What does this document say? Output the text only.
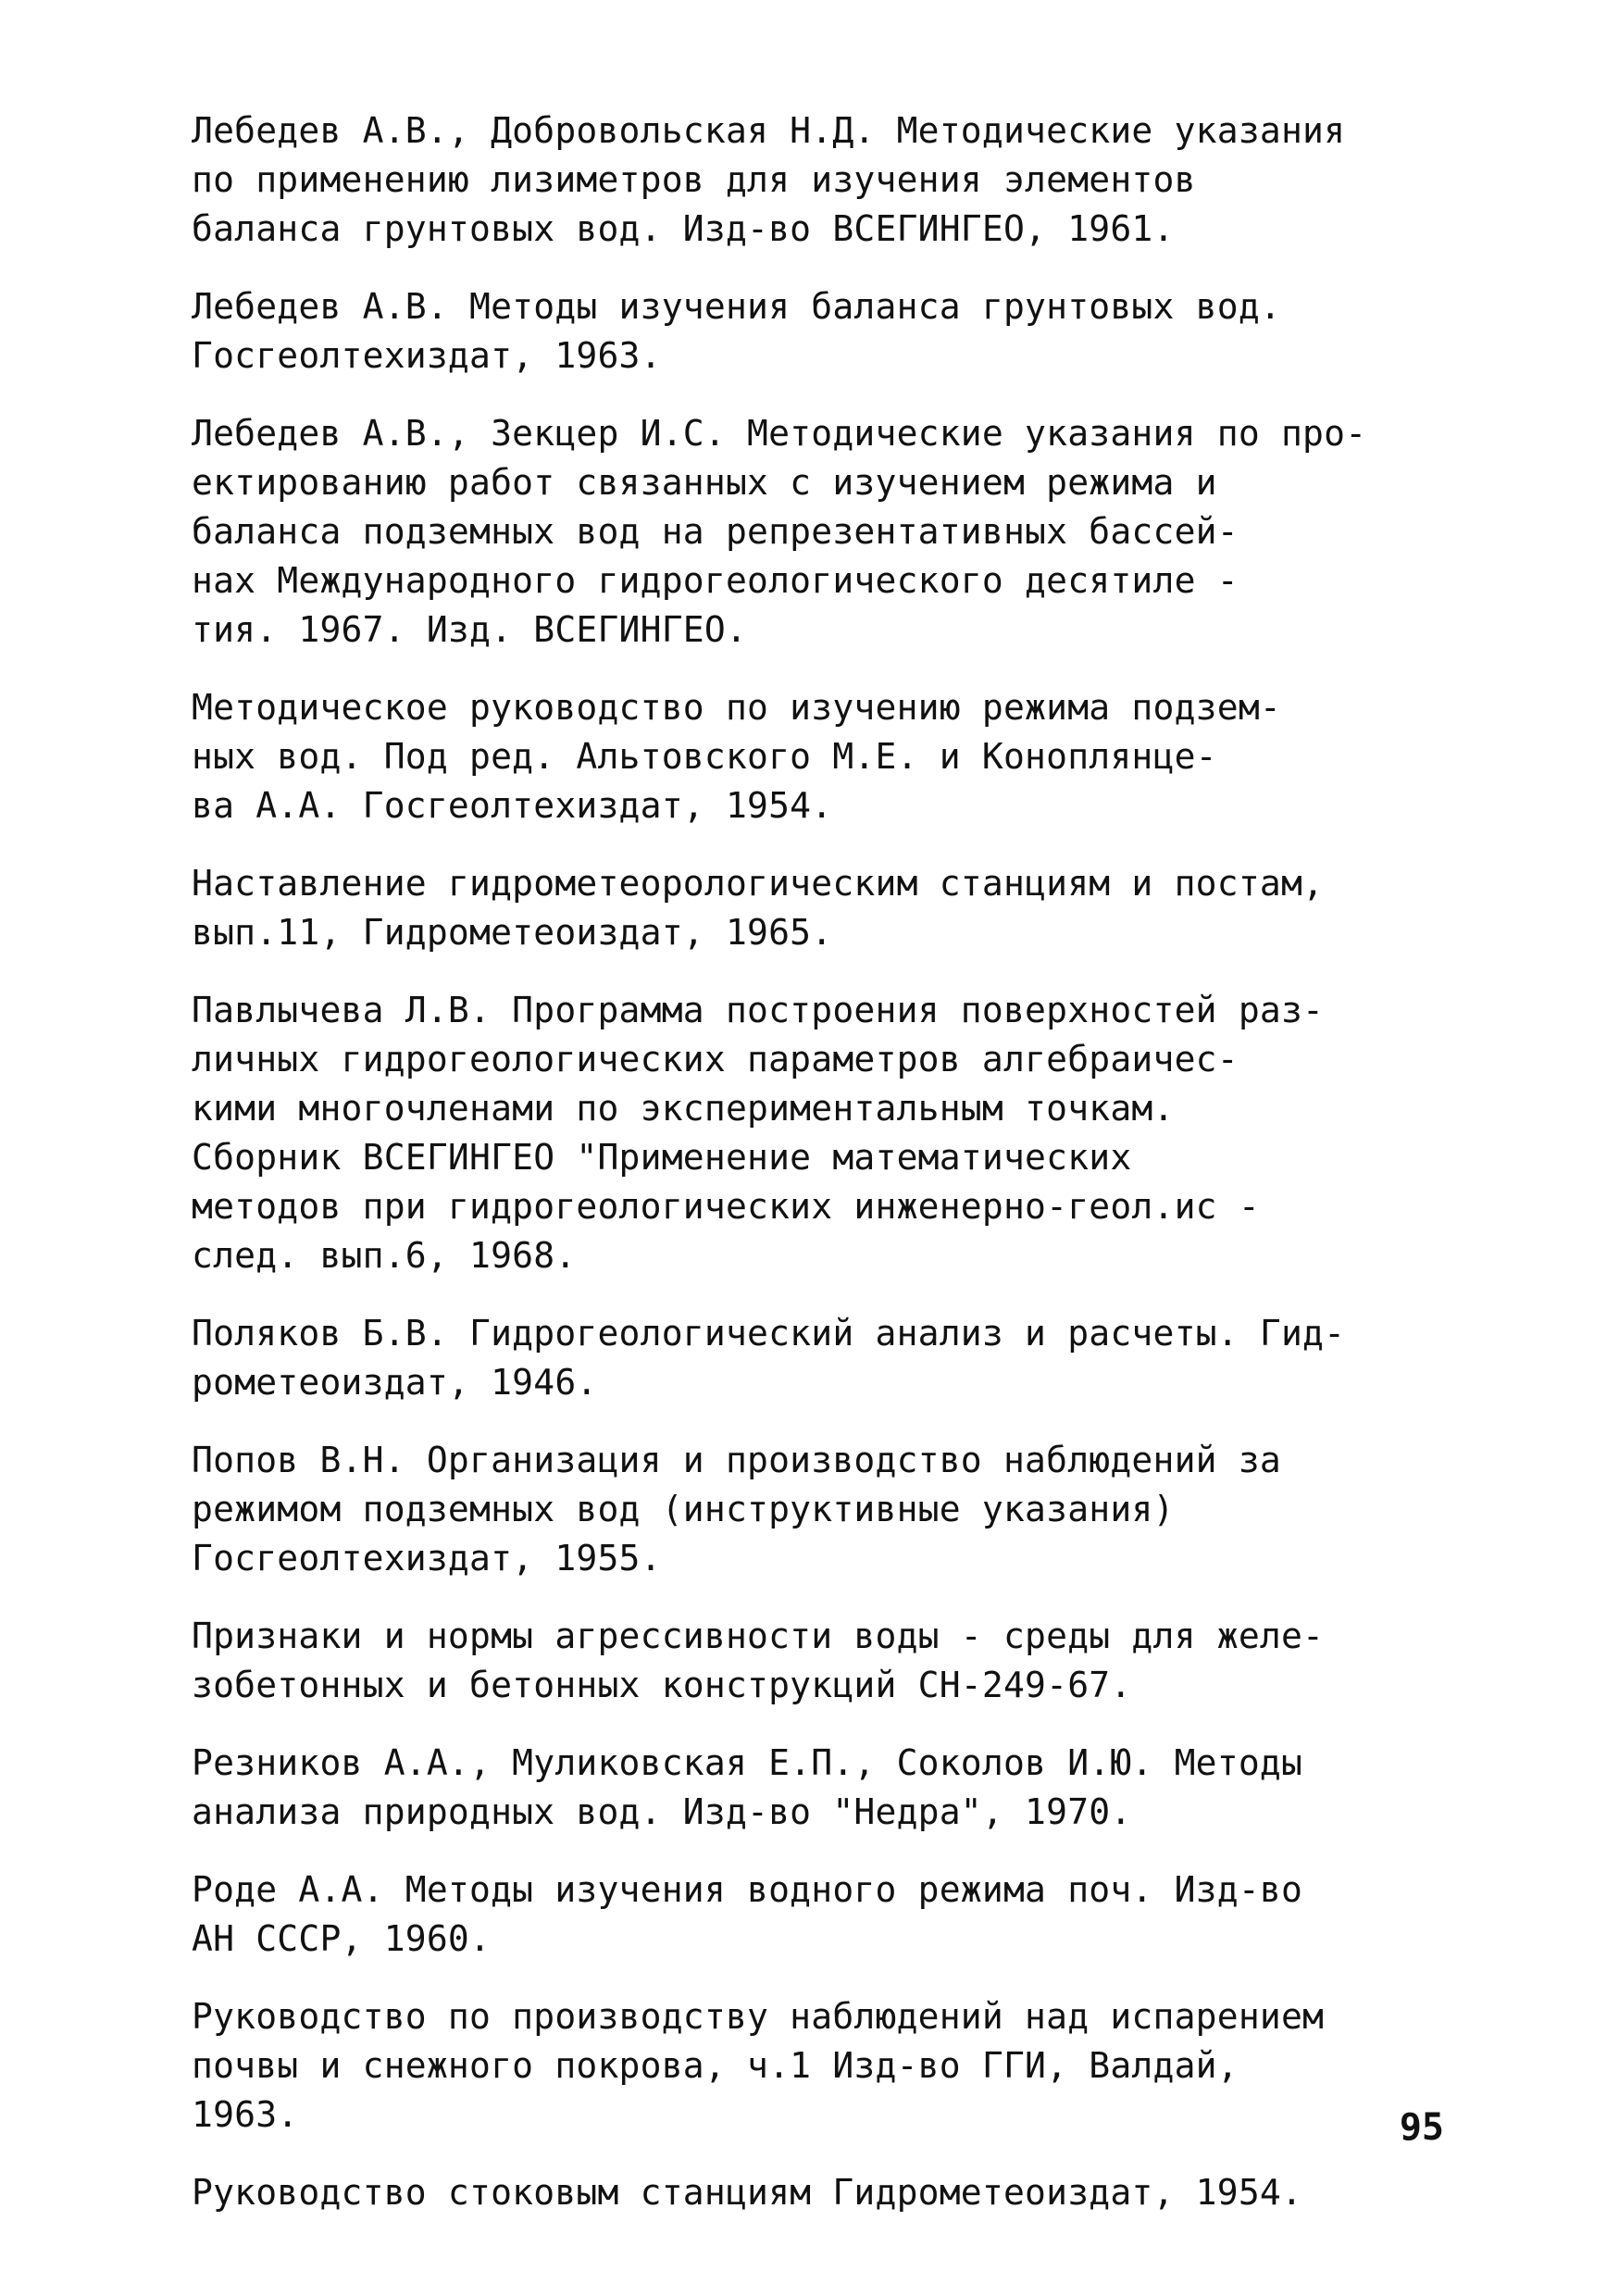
Лебедев А.В., Добровольская Н.Д. Методические указания
по применению лизиметров для изучения элементов
баланса грунтовых вод. Изд-во ВСЕГИНГЕО, 1961.
Лебедев А.В. Методы изучения баланса грунтовых вод.
Госгеолтехиздат, 1963.
Лебедев А.В., Зекцер И.С. Методические указания по про-
ектированию работ связанных с изучением режима и
баланса подземных вод на репрезентативных бассей-
нах Международного гидрогеологического десятиле -
тия. 1967. Изд. ВСЕГИНГЕО.
Методическое руководство по изучению режима подзем-
ных вод. Под ред. Альтовского М.Е. и Коноплянце-
ва А.А. Госгеолтехиздат, 1954.
Наставление гидрометеорологическим станциям и постам,
вып.11, Гидрометеоиздат, 1965.
Павлычева Л.В. Программа построения поверхностей раз-
личных гидрогеологических параметров алгебраичес-
кими многочленами по экспериментальным точкам.
Сборник ВСЕГИНГЕО "Применение математических
методов при гидрогеологических инженерно-геол.ис -
след. вып.6, 1968.
Поляков Б.В. Гидрогеологический анализ и расчеты. Гид-
рометеоиздат, 1946.
Попов В.Н. Организация и производство наблюдений за
режимом подземных вод (инструктивные указания)
Госгеолтехиздат, 1955.
Признаки и нормы агрессивности воды - среды для желе-
зобетонных и бетонных конструкций СН-249-67.
Резников А.А., Муликовская Е.П., Соколов И.Ю. Методы
анализа природных вод. Изд-во "Недра", 1970.
Роде А.А. Методы изучения водного режима поч. Изд-во
АН СССР, 1960.
Руководство по производству наблюдений над испарением
почвы и снежного покрова, ч.1 Изд-во ГГИ, Валдай,
1963.
Руководство стоковым станциям Гидрометеоиздат, 1954.
95
